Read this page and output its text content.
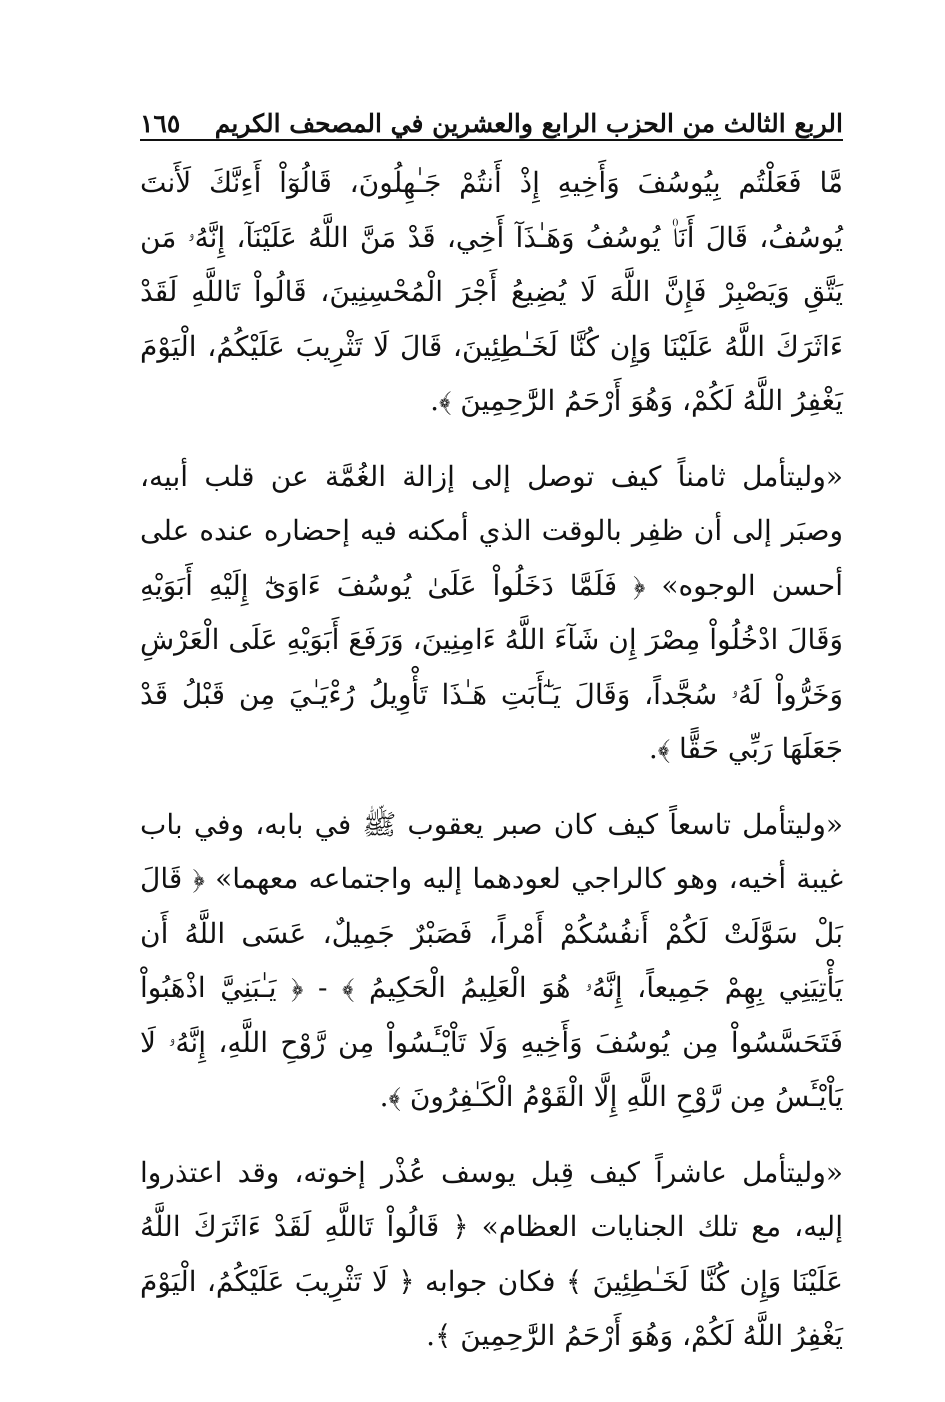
الربع الثالث من الحزب الرابع والعشرين في المصحف الكريم
١٦٥

مَّا فَعَلْتُم بِيُوسُفَ وَأَخِيهِ إِذْ أَنتُمْ جَـٰهِلُونَ، قَالُوٓاْ أَءِنَّكَ لَأَنتَ يُوسُفُ، قَالَ أَنَا۠ يُوسُفُ وَهَـٰذَآ أَخِي، قَدْ مَنَّ اللَّهُ عَلَيْنَآ، إِنَّهُۥ مَن يَتَّقِ وَيَصْبِرْ فَإِنَّ اللَّهَ لَا يُضِيعُ أَجْرَ الْمُحْسِنِينَ، قَالُواْ تَاللَّهِ لَقَدْ ءَاثَرَكَ اللَّهُ عَلَيْنَا وَإِن كُنَّا لَخَـٰطِئِينَ، قَالَ لَا تَثْرِيبَ عَلَيْكُمُ، الْيَوْمَ يَغْفِرُ اللَّهُ لَكُمْ، وَهُوَ أَرْحَمُ الرَّٰحِمِينَ ﴾.

«وليتأمل ثامناً كيف توصل إلى إزالة الغُمَّة عن قلب أبيه، وصبَر إلى أن ظفِر بالوقت الذي أمكنه فيه إحضاره عنده على أحسن الوجوه» ﴿ فَلَمَّا دَخَلُواْ عَلَىٰ يُوسُفَ ءَاوَىٰٓ إِلَيْهِ أَبَوَيْهِ وَقَالَ ادْخُلُواْ مِصْرَ إِن شَآءَ اللَّهُ ءَامِنِينَ، وَرَفَعَ أَبَوَيْهِ عَلَى الْعَرْشِ وَخَرُّواْ لَهُۥ سُجَّداً، وَقَالَ يَـٰٓأَبَتِ هَـٰذَا تَأْوِيلُ رُءْيَـٰيَ مِن قَبْلُ قَدْ جَعَلَهَا رَبِّي حَقًّا ﴾.

«وليتأمل تاسعاً كيف كان صبر يعقوب ﷺ في بابه، وفي باب غيبة أخيه، وهو كالراجي لعودهما إليه واجتماعه معهما» ﴿ قَالَ بَلْ سَوَّلَتْ لَكُمْ أَنفُسُكُمْ أَمْراً، فَصَبْرٌ جَمِيلٌ، عَسَى اللَّهُ أَن يَأْتِيَنِي بِهِمْ جَمِيعاً، إِنَّهُۥ هُوَ الْعَلِيمُ الْحَكِيمُ ﴾ - ﴿ يَـٰبَنِيَّ اذْهَبُواْ فَتَحَسَّسُواْ مِن يُوسُفَ وَأَخِيهِ وَلَا تَاْيْـَٔسُواْ مِن رَّوْحِ اللَّهِ، إِنَّهُۥ لَا يَاْيْـَٔسُ مِن رَّوْحِ اللَّهِ إِلَّا الْقَوْمُ الْكَـٰفِرُونَ ﴾.

«وليتأمل عاشراً كيف قِبل يوسف عُذْر إخوته، وقد اعتذروا إليه، مع تلك الجنايات العظام» ﴿ قَالُواْ تَاللَّهِ لَقَدْ ءَاثَرَكَ اللَّهُ عَلَيْنَا وَإِن كُنَّا لَخَـٰطِئِينَ ﴾ فكان جوابه ﴿ لَا تَثْرِيبَ عَلَيْكُمُ، الْيَوْمَ يَغْفِرُ اللَّهُ لَكُمْ، وَهُوَ أَرْحَمُ الرَّٰحِمِينَ ﴾.
